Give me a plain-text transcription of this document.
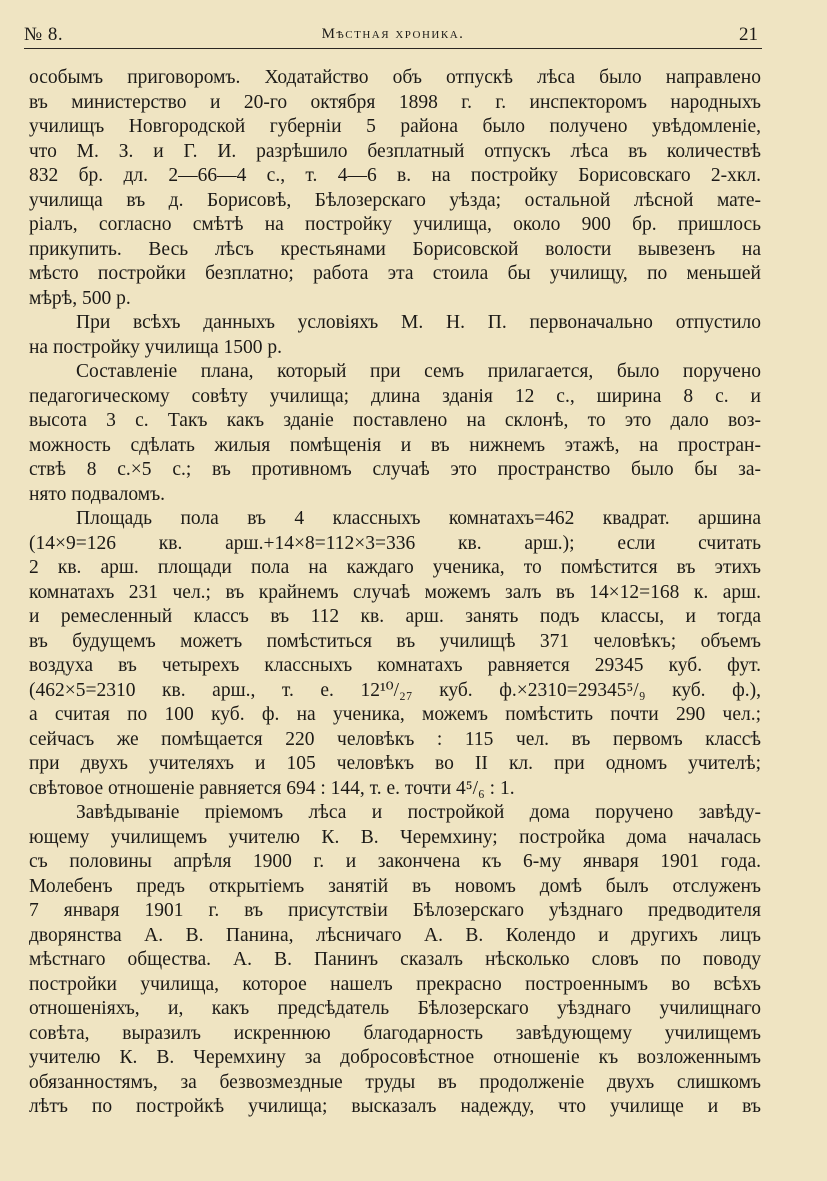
№ 8.	Мѣстная хроника.	21
особымъ приговоромъ. Ходатайство объ отпускѣ лѣса было направлено
въ министерство и 20-го октября 1898 г. г. инспекторомъ народныхъ
училищъ Новгородской губерніи 5 района было получено увѣдомленіе,
что М. З. и Г. И. разрѣшило безплатный отпускъ лѣса въ количествѣ
832 бр. дл. 2—66—4 с., т. 4—6 в. на постройку Борисовскаго 2-хкл.
училища въ д. Борисовѣ, Бѣлозерскаго уѣзда; остальной лѣсной мате-
ріалъ, согласно смѣтѣ на постройку училища, около 900 бр. пришлось
прикупить. Весь лѣсъ крестьянами Борисовской волости вывезенъ на
мѣсто постройки безплатно; работа эта стоила бы училищу, по меньшей
мѣрѣ, 500 р.
При всѣхъ данныхъ условіяхъ М. Н. П. первоначально отпустило
на постройку училища 1500 р.
Составленіе плана, который при семъ прилагается, было поручено
педагогическому совѣту училища; длина зданія 12 с., ширина 8 с. и
высота 3 с. Такъ какъ зданіе поставлено на склонѣ, то это дало воз-
можность сдѣлать жилыя помѣщенія и въ нижнемъ этажѣ, на простран-
ствѣ 8 с.×5 с.; въ противномъ случаѣ это пространство было бы за-
нято подваломъ.
Площадь пола въ 4 классныхъ комнатахъ=462 квадрат. аршина
(14×9=126 кв. арш.+14×8=112×3=336 кв. арш.); если считать
2 кв. арш. площади пола на каждаго ученика, то помѣстится въ этихъ
комнатахъ 231 чел.; въ крайнемъ случаѣ можемъ залъ въ 14×12=168 к. арш.
и ремесленный классъ въ 112 кв. арш. занять подъ классы, и тогда
въ будущемъ можетъ помѣститься въ училищѣ 371 человѣкъ; объемъ
воздуха въ четырехъ классныхъ комнатахъ равняется 29345 куб. фут.
(462×5=2310 кв. арш., т. е. 12¹⁰/₂₇ куб. ф.×2310=29345⁵/₉ куб. ф.),
а считая по 100 куб. ф. на ученика, можемъ помѣстить почти 290 чел.;
сейчасъ же помѣщается 220 человѣкъ : 115 чел. въ первомъ классѣ
при двухъ учителяхъ и 105 человѣкъ во II кл. при одномъ учителѣ;
свѣтовое отношеніе равняется 694 : 144, т. е. точти 4⁵/₆ : 1.
Завѣдываніе пріемомъ лѣса и постройкой дома поручено завѣду-
ющему училищемъ учителю К. В. Черемхину; постройка дома началась
съ половины апрѣля 1900 г. и закончена къ 6-му января 1901 года.
Молебенъ предъ открытіемъ занятій въ новомъ домѣ былъ отслуженъ
7 января 1901 г. въ присутствіи Бѣлозерскаго уѣзднаго предводителя
дворянства А. В. Панина, лѣсничаго А. В. Колендо и другихъ лицъ
мѣстнаго общества. А. В. Панинъ сказалъ нѣсколько словъ по поводу
постройки училища, которое нашелъ прекрасно построеннымъ во всѣхъ
отношеніяхъ, и, какъ предсѣдатель Бѣлозерскаго уѣзднаго училищнаго
совѣта, выразилъ искреннюю благодарность завѣдующему училищемъ
учителю К. В. Черемхину за добросовѣстное отношеніе къ возложеннымъ
обязанностямъ, за безвозмездные труды въ продолженіе двухъ слишкомъ
лѣтъ по постройкѣ училища; высказалъ надежду, что училище и въ
